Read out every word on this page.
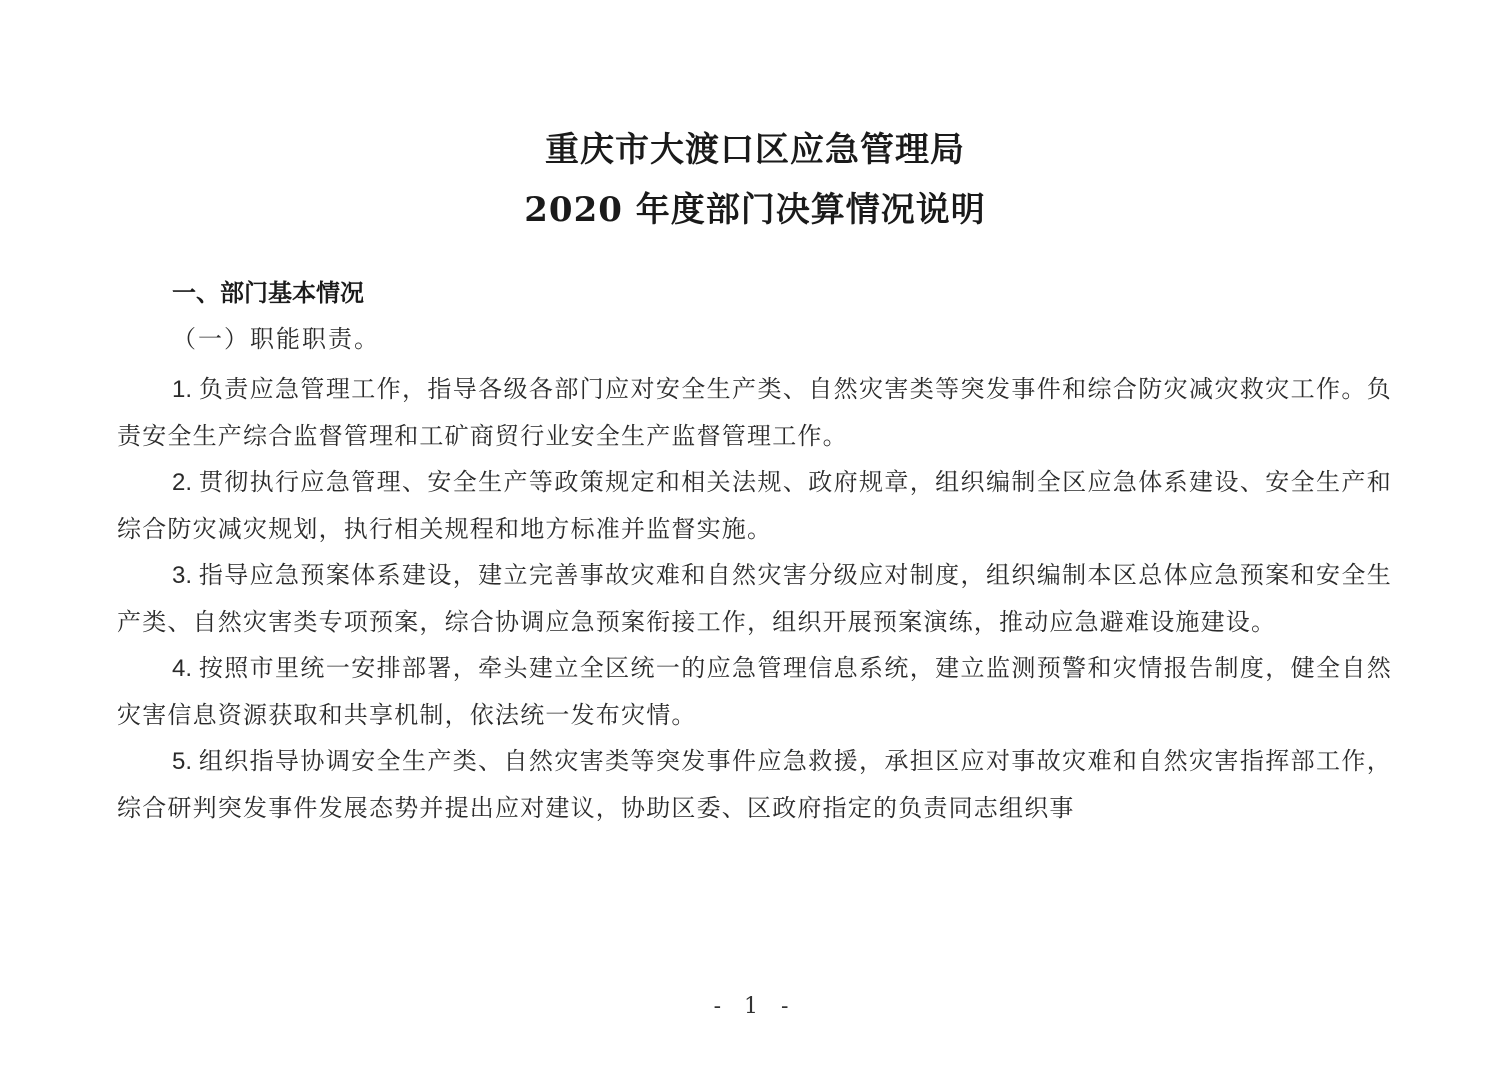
重庆市大渡口区应急管理局
2020 年度部门决算情况说明
一、部门基本情况
（一）职能职责。

1. 负责应急管理工作，指导各级各部门应对安全生产类、自然灾害类等突发事件和综合防灾减灾救灾工作。负责安全生产综合监督管理和工矿商贸行业安全生产监督管理工作。

2. 贯彻执行应急管理、安全生产等政策规定和相关法规、政府规章，组织编制全区应急体系建设、安全生产和综合防灾减灾规划，执行相关规程和地方标准并监督实施。

3. 指导应急预案体系建设，建立完善事故灾难和自然灾害分级应对制度，组织编制本区总体应急预案和安全生产类、自然灾害类专项预案，综合协调应急预案衔接工作，组织开展预案演练，推动应急避难设施建设。

4. 按照市里统一安排部署，牵头建立全区统一的应急管理信息系统，建立监测预警和灾情报告制度，健全自然灾害信息资源获取和共享机制，依法统一发布灾情。

5. 组织指导协调安全生产类、自然灾害类等突发事件应急救援，承担区应对事故灾难和自然灾害指挥部工作，综合研判突发事件发展态势并提出应对建议，协助区委、区政府指定的负责同志组织事

- 1 -
